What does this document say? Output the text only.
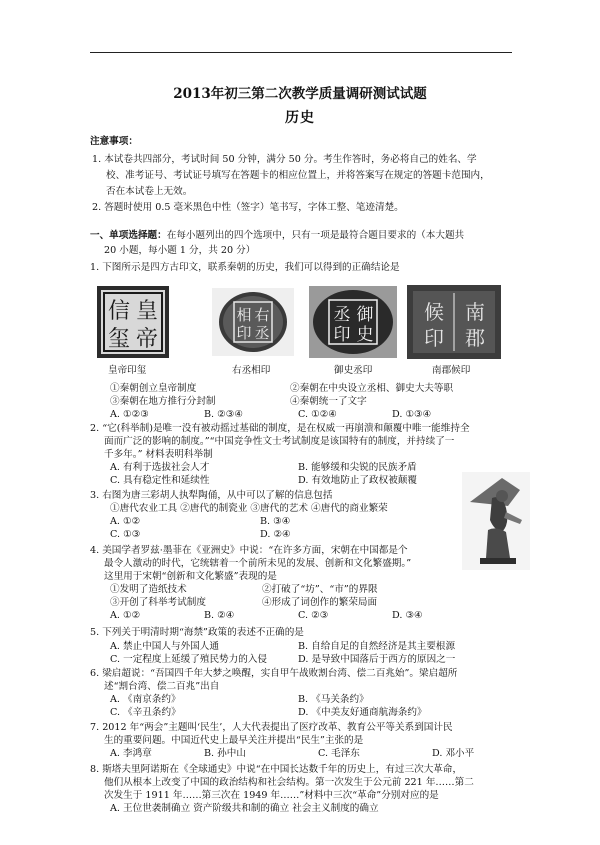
2013年初三第二次教学质量调研测试试题
历史
注意事项：
1. 本试卷共四部分，考试时间 50 分钟，满分 50 分。考生作答时，务必将自己的姓名、学
校、准考证号、考试证号填写在答题卡的相应位置上，并将答案写在规定的答题卡范围内，
否在本试卷上无效。
2. 答题时使用 0.5 毫米黑色中性（签字）笔书写，字体工整、笔迹清楚。
一、单项选择题：在每小题列出的四个选项中，只有一项是最符合题目要求的（本大题共
20 小题，每小题 1 分，共 20 分）
1. 下图所示是四方古印文，联系秦朝的历史，我们可以得到的正确结论是
皇
信
帝
玺
右
相
丞
印
御
丞
史
印
南
候
郡
印
皇帝印玺	右丞相印	御史丞印	南郡候印
①秦朝创立皇帝制度	②秦朝在中央设立丞相、御史大夫等职
③秦朝在地方推行分封制	④秦朝统一了文字
A. ①②③	B. ②③④	C. ①②④	D. ①③④
2. “它(科举制)是唯一没有被动摇过基础的制度，是在权威一再崩溃和颠覆中唯一能维持全
面而广泛的影响的制度。”“中国竞争性文士考试制度是该国特有的制度，并持续了一
千多年。” 材料表明科举制
A. 有利于选拔社会人才	B. 能够缓和尖锐的民族矛盾
C. 具有稳定性和延续性	D. 有效地防止了政权被颠覆
3. 右图为唐三彩胡人执犁陶俑，从中可以了解的信息包括
①唐代农业工具 ②唐代的制瓷业 ③唐代的艺术 ④唐代的商业繁荣
A. ①②	B. ③④
C. ①③	D. ②④
4. 美国学者罗兹·墨菲在《亚洲史》中说：“在许多方面，宋朝在中国都是个
最令人激动的时代，它统辖着一个前所未见的发展、创新和文化繁盛期。”
这里用于宋朝“创新和文化繁盛”表现的是
①发明了造纸技术	②打破了“坊”、“市”的界限
③开创了科举考试制度	④形成了词创作的繁荣局面
A. ①②	B. ②④	C. ②③	D. ③④
5. 下列关于明清时期“海禁”政策的表述不正确的是
A. 禁止中国人与外国人通	B. 自给自足的自然经济是其主要根源
C. 一定程度上延缓了殖民势力的入侵	D. 是导致中国落后于西方的原因之一
6. 梁启超说：“吾国四千年大梦之唤醒，实自甲午战败割台湾、偿二百兆始”。梁启超所
述“割台湾、偿二百兆”出自
A. 《南京条约》	B. 《马关条约》
C. 《辛丑条约》	D. 《中美友好通商航海条约》
7. 2012 年“两会”主题叫‘民生’，人大代表提出了医疗改革、教育公平等关系到国计民
生的重要问题。中国近代史上最早关注并提出“民生”主张的是
A. 李鸿章	B. 孙中山	C. 毛泽东	D. 邓小平
8. 斯塔夫里阿诺斯在《全球通史》中说“在中国长达数千年的历史上，有过三次大革命，
他们从根本上改变了中国的政治结构和社会结构。第一次发生于公元前 221 年……第二
次发生于 1911 年……第三次在 1949 年……”材料中三次“革命”分别对应的是
A. 王位世袭制确立 资产阶级共和制的确立 社会主义制度的确立
